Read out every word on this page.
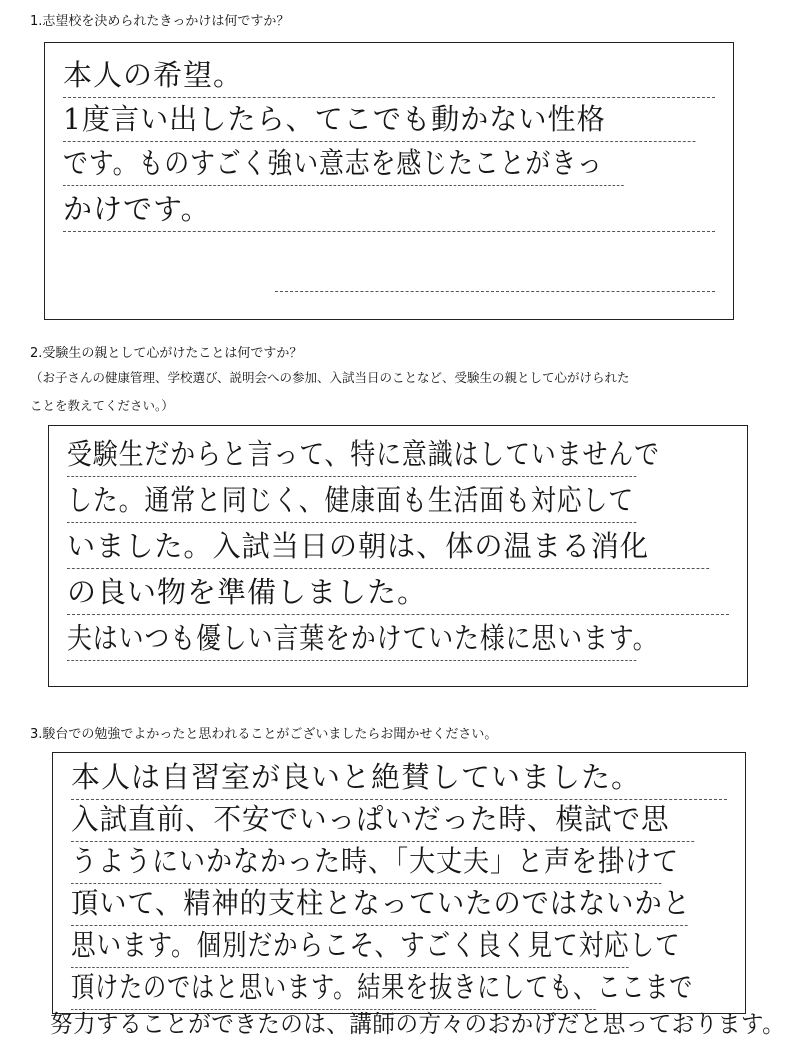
1.志望校を決められたきっかけは何ですか？
本人の希望。
1度言い出したら、てこでも動かない性格
です。ものすごく強い意志を感じたことがきっ
かけです。
2.受験生の親として心がけたことは何ですか？
（お子さんの健康管理、学校選び、説明会への参加、入試当日のことなど、受験生の親として心がけられた
ことを教えてください。）
受験生だからと言って、特に意識はしていませんで
した。通常と同じく、健康面も生活面も対応して
いました。入試当日の朝は、体の温まる消化
の良い物を準備しました。
夫はいつも優しい言葉をかけていた様に思います。
3.駿台での勉強でよかったと思われることがございましたらお聞かせください。
本人は自習室が良いと絶賛していました。
入試直前、不安でいっぱいだった時、模試で思
うようにいかなかった時、「大丈夫」と声を掛けて
頂いて、精神的支柱となっていたのではないかと
思います。個別だからこそ、すごく良く見て対応して
頂けたのではと思います。結果を抜きにしても、ここまで
努力することができたのは、講師の方々のおかげだと思っております。
